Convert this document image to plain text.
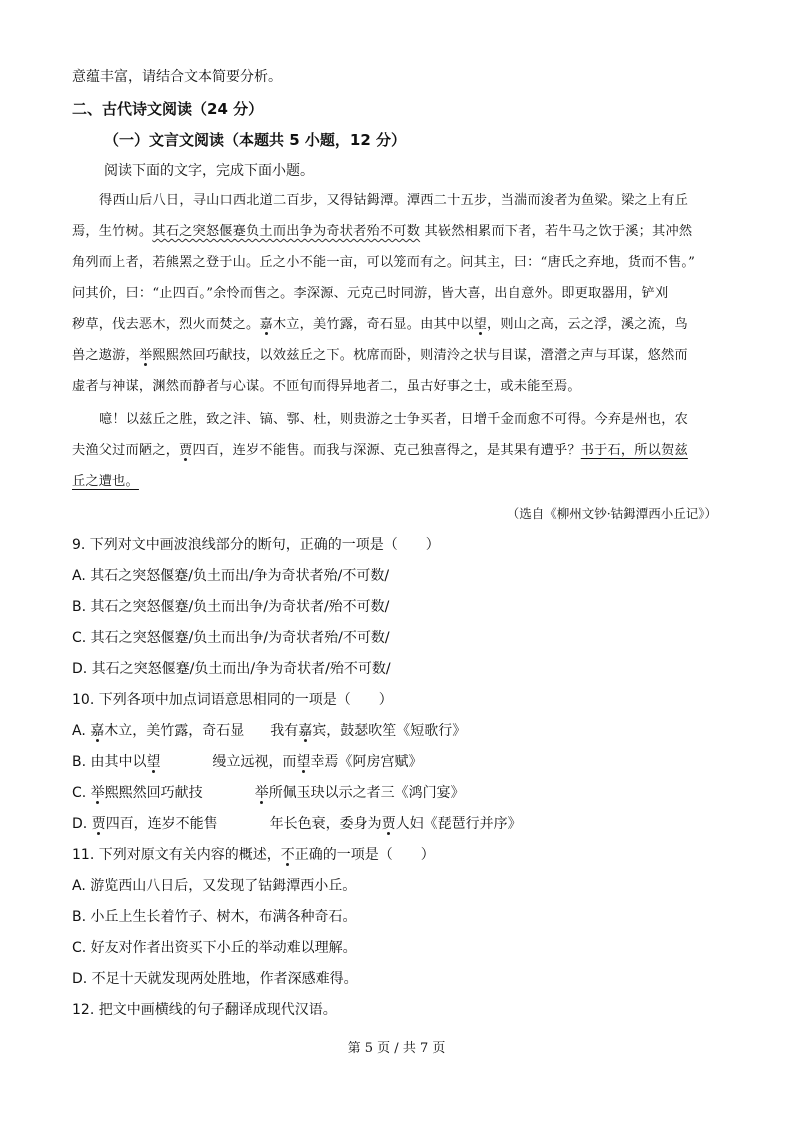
意蕴丰富，请结合文本简要分析。
二、古代诗文阅读（24 分）
（一）文言文阅读（本题共 5 小题，12 分）
阅读下面的文字，完成下面小题。
得西山后八日，寻山口西北道二百步，又得钴鉧潭。潭西二十五步，当湍而浚者为鱼梁。梁之上有丘
焉，生竹树。其石之突怒偃蹇负土而出争为奇状者殆不可数 其嵚然相累而下者，若牛马之饮于溪；其冲然
角列而上者，若熊罴之登于山。丘之小不能一亩，可以笼而有之。问其主，曰：“唐氏之弃地，货而不售。”
问其价，曰：“止四百。”余怜而售之。李深源、元克己时同游，皆大喜，出自意外。即更取器用，铲刈
秽草，伐去恶木，烈火而焚之。嘉木立，美竹露，奇石显。由其中以望，则山之高，云之浮，溪之流，鸟
兽之遨游，举熙熙然回巧献技，以效兹丘之下。枕席而卧，则清泠之状与目谋，瀯瀯之声与耳谋，悠然而
虚者与神谋，渊然而静者与心谋。不匝旬而得异地者二，虽古好事之士，或未能至焉。
噫！以兹丘之胜，致之沣、镐、鄠、杜，则贵游之士争买者，日增千金而愈不可得。今弃是州也，农
夫渔父过而陋之，贾四百，连岁不能售。而我与深源、克己独喜得之，是其果有遭乎？书于石，所以贺兹
丘之遭也。
（选自《柳州文钞·钴鉧潭西小丘记》）
9. 下列对文中画波浪线部分的断句，正确的一项是（　　）
A. 其石之突怒偃蹇/负土而出/争为奇状者殆/不可数/
B. 其石之突怒偃蹇/负土而出争/为奇状者/殆不可数/
C. 其石之突怒偃蹇/负土而出争/为奇状者殆/不可数/
D. 其石之突怒偃蹇/负土而出/争为奇状者/殆不可数/
10. 下列各项中加点词语意思相同的一项是（　　）
A. 嘉木立，美竹露，奇石显 我有嘉宾，鼓瑟吹笙《短歌行》
B. 由其中以望	缦立远视，而望幸焉《阿房宫赋》
C. 举熙熙然回巧献技	举所佩玉玦以示之者三《鸿门宴》
D. 贾四百，连岁不能售	年长色衰，委身为贾人妇《琵琶行并序》
11. 下列对原文有关内容的概述，不正确的一项是（　　）
A. 游览西山八日后，又发现了钴鉧潭西小丘。
B. 小丘上生长着竹子、树木，布满各种奇石。
C. 好友对作者出资买下小丘的举动难以理解。
D. 不足十天就发现两处胜地，作者深感难得。
12. 把文中画横线的句子翻译成现代汉语。
第 5 页 / 共 7 页
